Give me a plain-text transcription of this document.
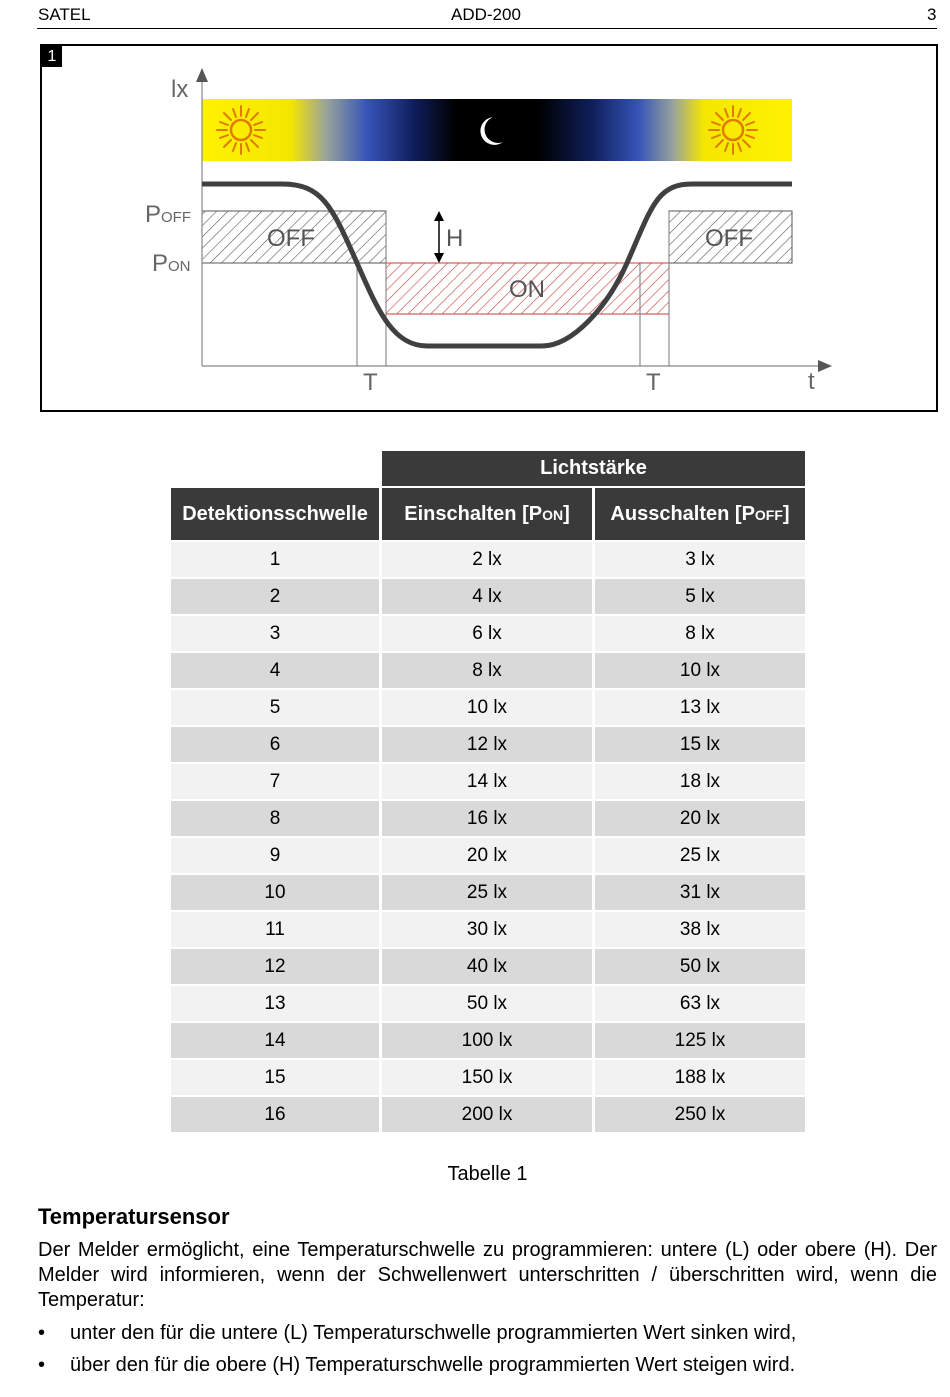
SATEL	ADD-200	3
1
lx
t
POFF
PON
OFF	OFF
ON
H
T	T
	Lichtstärke	
Detektionsschwelle	Einschalten [PON]	Ausschalten [POFF]
1	2 lx	3 lx
2	4 lx	5 lx
3	6 lx	8 lx
4	8 lx	10 lx
5	10 lx	13 lx
6	12 lx	15 lx
7	14 lx	18 lx
8	16 lx	20 lx
9	20 lx	25 lx
10	25 lx	31 lx
11	30 lx	38 lx
12	40 lx	50 lx
13	50 lx	63 lx
14	100 lx	125 lx
15	150 lx	188 lx
16	200 lx	250 lx
Tabelle 1
Temperatursensor

Der Melder ermöglicht, eine Temperaturschwelle zu programmieren: untere (L) oder obere (H). Der Melder wird informieren, wenn der Schwellenwert unterschritten / überschritten wird, wenn die Temperatur:

• unter den für die untere (L) Temperaturschwelle programmierten Wert sinken wird,
• über den für die obere (H) Temperaturschwelle programmierten Wert steigen wird.
